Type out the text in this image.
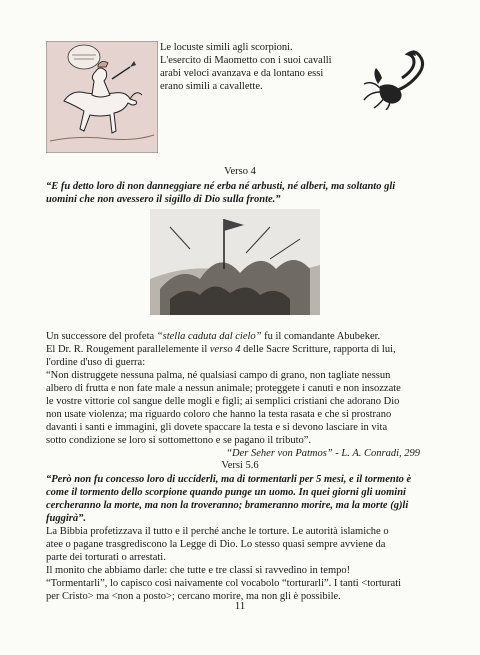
Le locuste simili agli scorpioni.
L'esercito di Maometto con i suoi cavalli
arabi veloci avanzava e da lontano essi
erano simili a cavallette.
Verso 4
“E fu detto loro di non danneggiare né erba né arbusti, né alberi, ma soltanto gli
uomini che non avessero il sigillo di Dio sulla fronte.”
Un successore del profeta “stella caduta dal cielo” fu il comandante Abubeker.
El Dr. R. Rougement parallelemente il verso 4 delle Sacre Scritture, rapporta di lui,
l'ordine d'uso di guerra:
“Non distruggete nessuna palma, né qualsiasi campo di grano, non tagliate nessun
albero di frutta e non fate male a nessun animale; proteggete i canuti e non insozzate
le vostre vittorie col sangue delle mogli e figli; ai semplici cristiani che adorano Dio
non usate violenza; ma riguardo coloro che hanno la testa rasata e che si prostrano
davanti i santi e immagini, gli dovete spaccare la testa e si devono lasciare in vita
sotto condizione se loro si sottomettono e se pagano il tributo”.
“Der Seher von Patmos” - L. A. Conradi, 299
Versi 5.6
“Però non fu concesso loro di ucciderli, ma di tormentarli per 5 mesi, e il tormento è
come il tormento dello scorpione quando punge un uomo. In quei giorni gli uomini
cercheranno la morte, ma non la troveranno; brameranno morire, ma la morte (g)li
fuggirà”.
La Bibbia profetizzava il tutto e il perché anche le torture. Le autorità islamiche o
atee o pagane trasgrediscono la Legge di Dio. Lo stesso quasi sempre avviene da
parte dei torturati o arrestati.
Il monito che abbiamo darle: che tutte e tre classi si ravvedino in tempo!
“Tormentarli”, lo capisco così naivamente col vocabolo “torturarli”. I tanti <torturati
per Cristo> ma <non a posto>; cercano morire, ma non gli è possibile.
11
